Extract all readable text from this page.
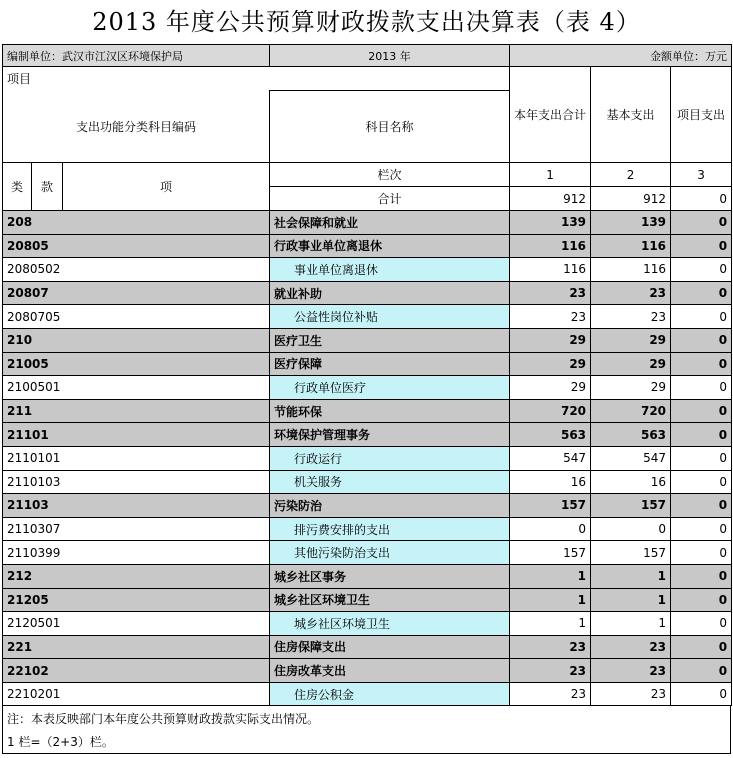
2013 年度公共预算财政拨款支出决算表（表 4）
编制单位：武汉市江汉区环境保护局			2013 年	金额单位：万元		
项目				本年支出合计	基本支出	项目支出
支出功能分类科目编码			科目名称			

类	款	项	栏次	1	2	3
			合计	912	912	0
208			社会保障和就业	139	139	0
20805			行政事业单位离退休	116	116	0
2080502			事业单位离退休	116	116	0
20807			就业补助	23	23	0
2080705			公益性岗位补贴	23	23	0
210			医疗卫生	29	29	0
21005			医疗保障	29	29	0
2100501			行政单位医疗	29	29	0
211			节能环保	720	720	0
21101			环境保护管理事务	563	563	0
2110101			行政运行	547	547	0
2110103			机关服务	16	16	0
21103			污染防治	157	157	0
2110307			排污费安排的支出	0	0	0
2110399			其他污染防治支出	157	157	0
212			城乡社区事务	1	1	0
21205			城乡社区环境卫生	1	1	0
2120501			城乡社区环境卫生	1	1	0
221			住房保障支出	23	23	0
22102			住房改革支出	23	23	0
2210201			住房公积金	23	23	0
注：本表反映部门本年度公共预算财政拨款实际支出情况。
1 栏=（2+3）栏。
